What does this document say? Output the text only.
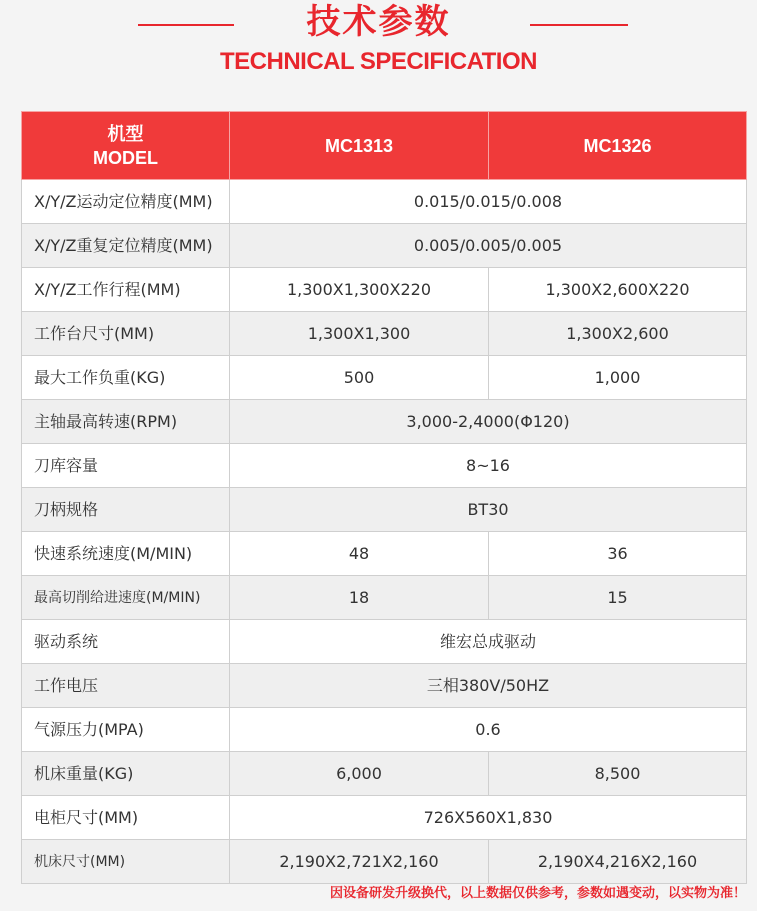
技术参数
TECHNICAL SPECIFICATION
机型
MODEL	MC1313	MC1326
X/Y/Z运动定位精度(MM)	0.015/0.015/0.008	
X/Y/Z重复定位精度(MM)	0.005/0.005/0.005	
X/Y/Z工作行程(MM)	1,300X1,300X220	1,300X2,600X220
工作台尺寸(MM)	1,300X1,300	1,300X2,600
最大工作负重(KG)	500	1,000
主轴最高转速(RPM)	3,000-2,4000(Φ120)	
刀库容量	8~16	
刀柄规格	BT30	
快速系统速度(M/MIN)	48	36
最高切削给进速度(M/MIN)	18	15
驱动系统	维宏总成驱动	
工作电压	三相380V/50HZ	
气源压力(MPA)	0.6	
机床重量(KG)	6,000	8,500
电柜尺寸(MM)	726X560X1,830	
机床尺寸(MM)	2,190X2,721X2,160	2,190X4,216X2,160
因设备研发升级换代，以上数据仅供参考，参数如遇变动，以实物为准！
